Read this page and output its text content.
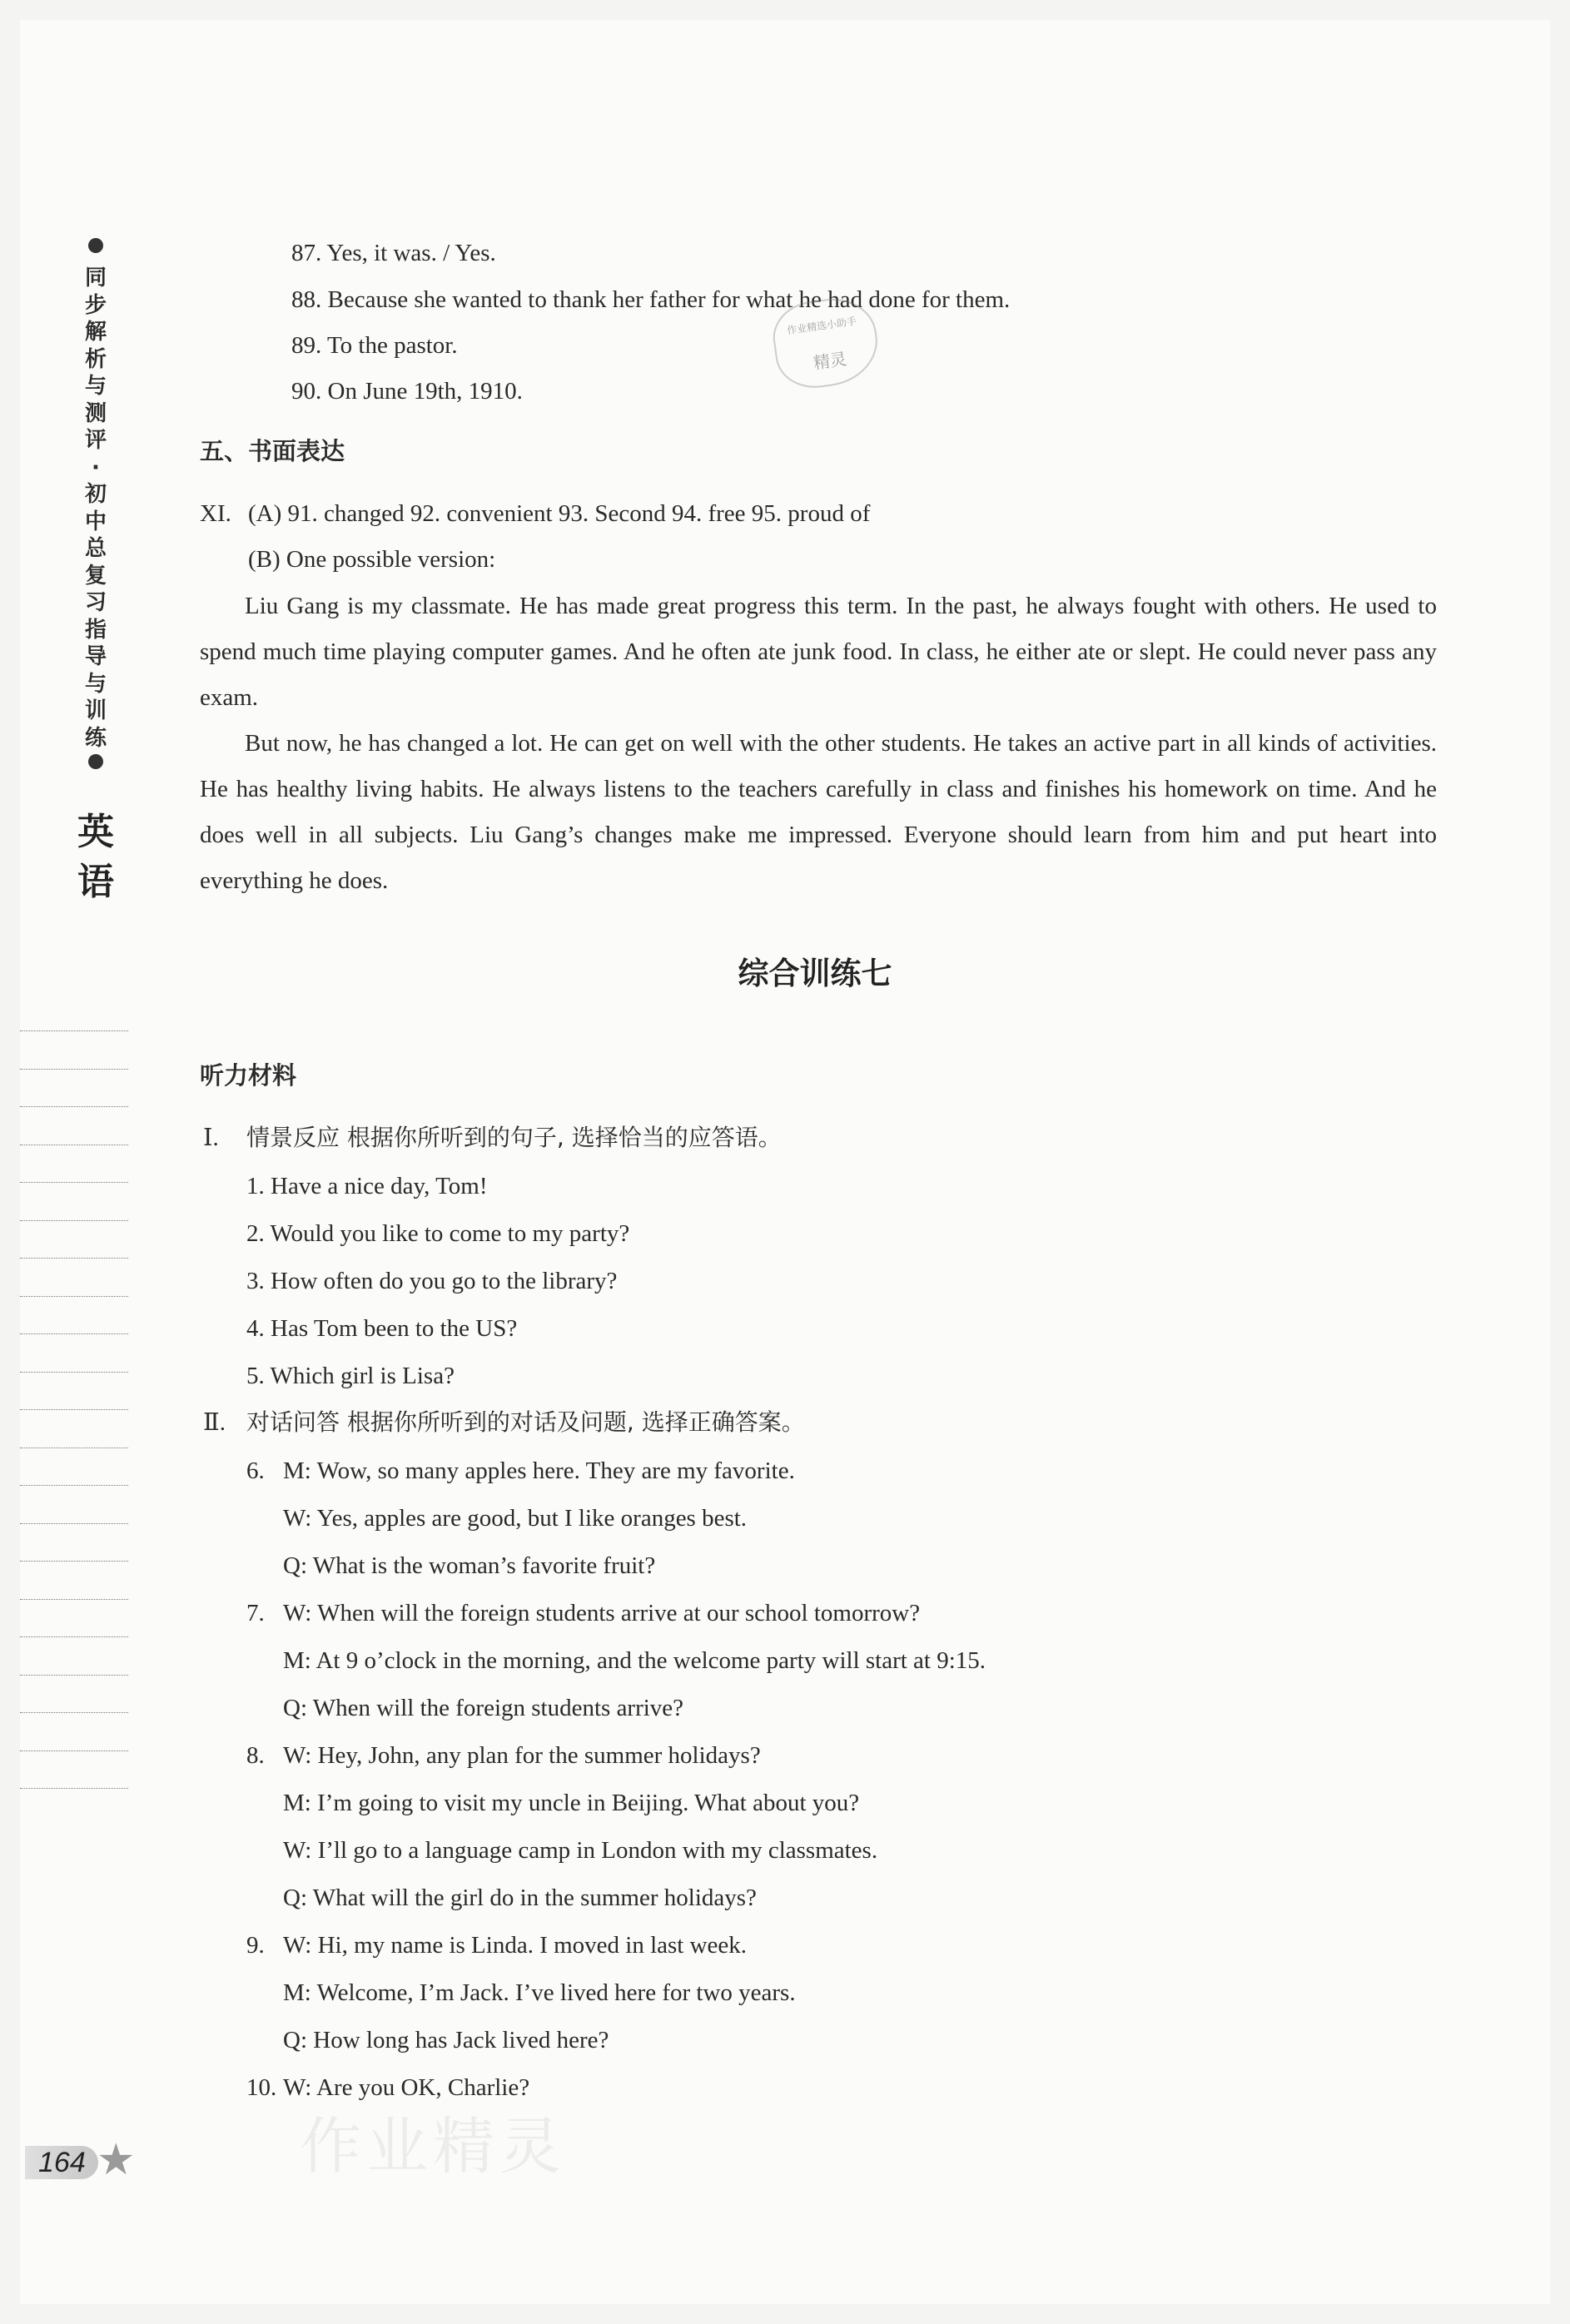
同步解析与测评·初中总复习指导与训练
英语
87. Yes, it was. / Yes.
88. Because she wanted to thank her father for what he had done for them.
89. To the pastor.
90. On June 19th, 1910.
作业精选小助手
精灵
五、书面表达
XI. (A) 91. changed 92. convenient 93. Second 94. free 95. proud of
(B) One possible version:

Liu Gang is my classmate. He has made great progress this term. In the past, he always fought with others. He used to spend much time playing computer games. And he often ate junk food. In class, he either ate or slept. He could never pass any exam.

But now, he has changed a lot. He can get on well with the other students. He takes an active part in all kinds of activities. He has healthy living habits. He always listens to the teachers carefully in class and finishes his homework on time. And he does well in all subjects. Liu Gang’s changes make me impressed. Everyone should learn from him and put heart into everything he does.

综合训练七
听力材料
Ⅰ. 情景反应 根据你所听到的句子, 选择恰当的应答语。
1. Have a nice day, Tom!
2. Would you like to come to my party?
3. How often do you go to the library?
4. Has Tom been to the US?
5. Which girl is Lisa?
Ⅱ. 对话问答 根据你所听到的对话及问题, 选择正确答案。
6. M: Wow, so many apples here. They are my favorite.
W: Yes, apples are good, but I like oranges best.
Q: What is the woman’s favorite fruit?
7. W: When will the foreign students arrive at our school tomorrow?
M: At 9 o’clock in the morning, and the welcome party will start at 9:15.
Q: When will the foreign students arrive?
8. W: Hey, John, any plan for the summer holidays?
M: I’m going to visit my uncle in Beijing. What about you?
W: I’ll go to a language camp in London with my classmates.
Q: What will the girl do in the summer holidays?
9. W: Hi, my name is Linda. I moved in last week.
M: Welcome, I’m Jack. I’ve lived here for two years.
Q: How long has Jack lived here?
10. W: Are you OK, Charlie?
作业精灵
164 ★
